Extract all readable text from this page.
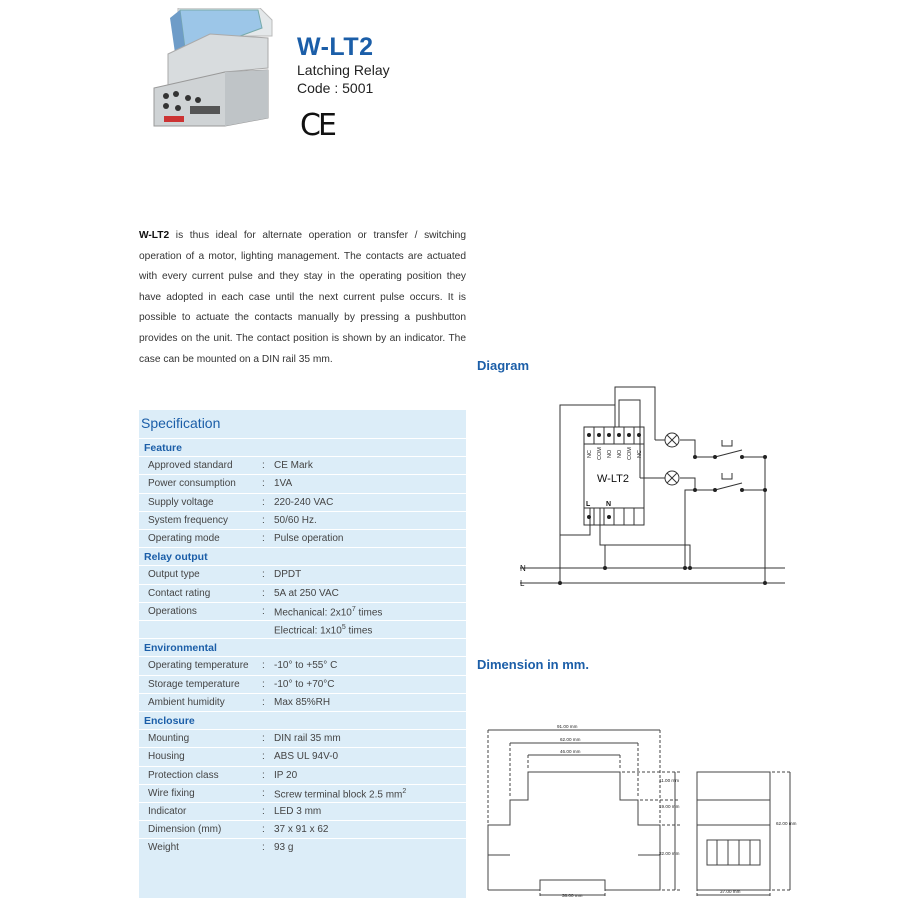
W-LT2
Latching Relay
Code : 5001
CE
W-LT2 is thus ideal for alternate operation or transfer / switching operation of a motor, lighting management. The contacts are actuated with every current pulse and they stay in the operating position they have adopted in each case until the next current pulse occurs. It is possible to actuate the contacts manually by pressing a pushbutton provides on the unit. The contact position is shown by an indicator. The case can be mounted on a DIN rail 35 mm.
Specification
Feature
Approved standard	: CE Mark
Power consumption	: 1VA
Supply voltage	: 220-240 VAC
System frequency	: 50/60 Hz.
Operating mode	: Pulse operation
Relay output
Output type	: DPDT
Contact rating	: 5A at 250 VAC
Operations	: Mechanical: $2x10^7$ times
Electrical: $1x10^5$ times
Environmental
Operating temperature : -10° to +55° C
Storage temperature : -10° to +70°C
Ambient humidity	: Max 85%RH
Enclosure
Mounting	: DIN rail 35 mm
Housing	: ABS UL 94V-0
Protection class	: IP 20
Wire fixing	: Screw terminal block 2.5 $mm^2$
Indicator	: LED 3 mm
Dimension (mm)	: 37 x 91 x 62
Weight	: 93 g
Diagram
Dimension in mm.
NC COM NO NO COM NC
W-LT2
L N
N
L
91.00 mm
62.00 mm
46.00 mm
38.00 mm
11.00 mm
19.00 mm
32.00 mm
62.00 mm
37.00 mm
